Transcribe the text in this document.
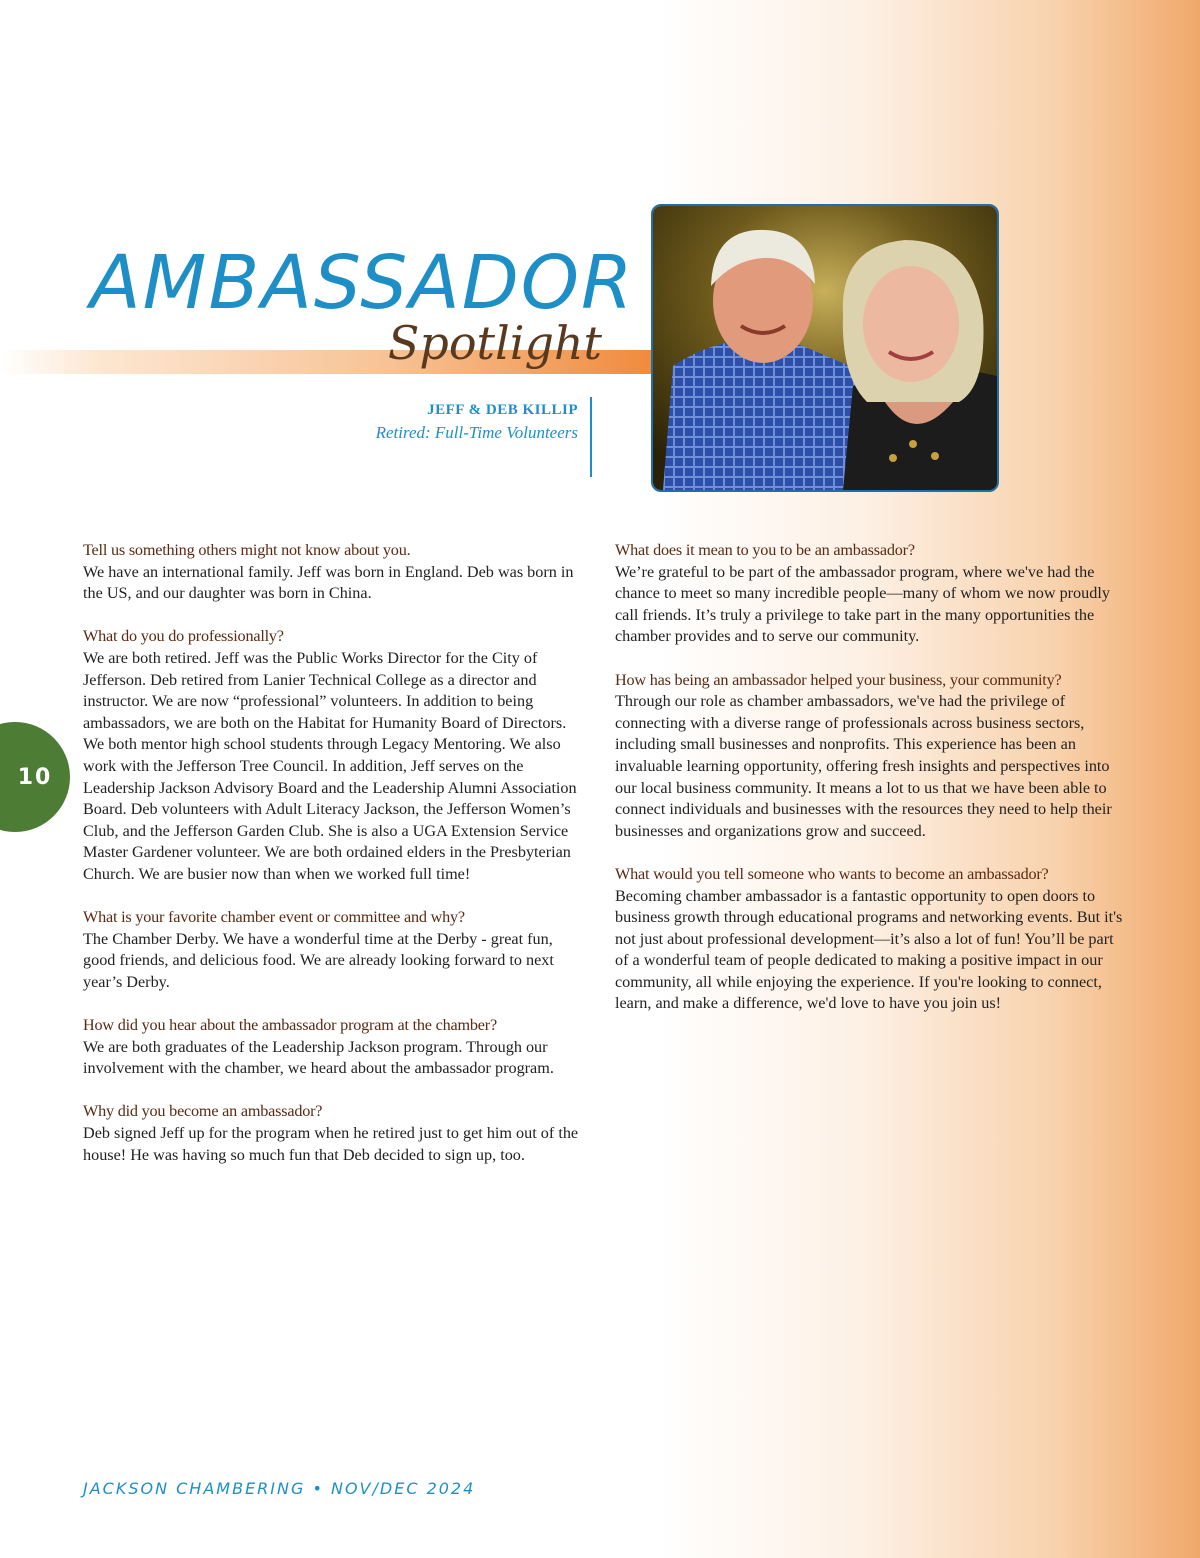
AMBASSADOR
Spotlight
JEFF & DEB KILLIP
Retired: Full-Time Volunteers

Tell us something others might not know about you.

We have an international family. Jeff was born in England. Deb was born in the US, and our daughter was born in China.

What do you do professionally?

We are both retired. Jeff was the Public Works Director for the City of Jefferson. Deb retired from Lanier Technical College as a director and instructor. We are now “professional” volunteers. In addition to being ambassadors, we are both on the Habitat for Humanity Board of Directors. We both mentor high school students through Legacy Mentoring. We also work with the Jefferson Tree Council. In addition, Jeff serves on the Leadership Jackson Advisory Board and the Leadership Alumni Association Board. Deb volunteers with Adult Literacy Jackson, the Jefferson Women’s Club, and the Jefferson Garden Club. She is also a UGA Extension Service Master Gardener volunteer. We are both ordained elders in the Presbyterian Church. We are busier now than when we worked full time!

What is your favorite chamber event or committee and why?

The Chamber Derby. We have a wonderful time at the Derby - great fun, good friends, and delicious food. We are already looking forward to next year’s Derby.

How did you hear about the ambassador program at the chamber?

We are both graduates of the Leadership Jackson program. Through our involvement with the chamber, we heard about the ambassador program.

Why did you become an ambassador?

Deb signed Jeff up for the program when he retired just to get him out of the house! He was having so much fun that Deb decided to sign up, too.

What does it mean to you to be an ambassador?

We’re grateful to be part of the ambassador program, where we've had the chance to meet so many incredible people—many of whom we now proudly call friends. It’s truly a privilege to take part in the many opportunities the chamber provides and to serve our community.

How has being an ambassador helped your business, your community?

Through our role as chamber ambassadors, we've had the privilege of connecting with a diverse range of professionals across business sectors, including small businesses and nonprofits. This experience has been an invaluable learning opportunity, offering fresh insights and perspectives into our local business community. It means a lot to us that we have been able to connect individuals and businesses with the resources they need to help their businesses and organizations grow and succeed.

What would you tell someone who wants to become an ambassador?

Becoming chamber ambassador is a fantastic opportunity to open doors to business growth through educational programs and networking events. But it's not just about professional development—it’s also a lot of fun! You’ll be part of a wonderful team of people dedicated to making a positive impact in our community, all while enjoying the experience. If you're looking to connect, learn, and make a difference, we'd love to have you join us!

10
JACKSON CHAMBERING • NOV/DEC 2024
